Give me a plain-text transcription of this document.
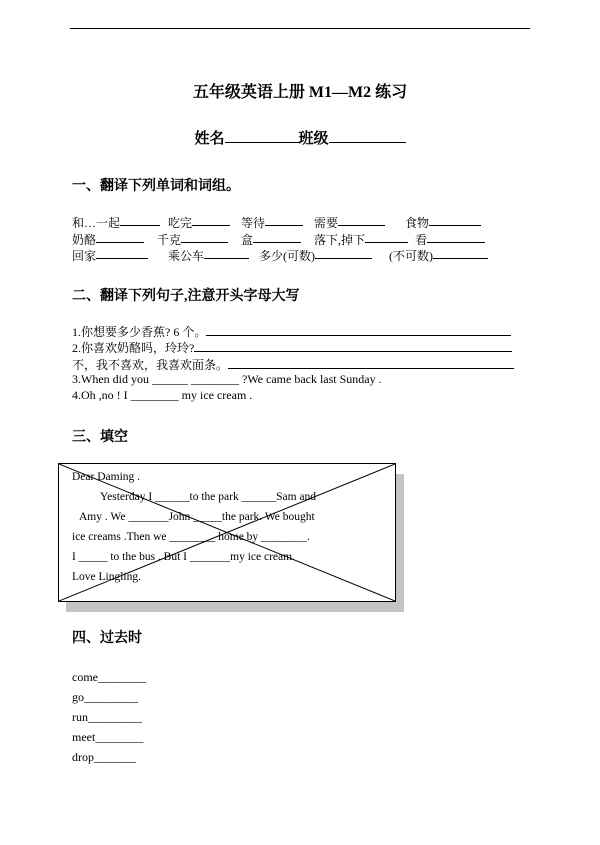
五年级英语上册 M1—M2 练习
姓名	班级
一、翻译下列单词和词组。
和…一起	吃完	等待	需要	食物
奶酪	千克	盒	落下,掉下	看
回家	乘公车	多少(可数)	(不可数)
二、翻译下列句子,注意开头字母大写
1.你想要多少香蕉? 6 个。
2.你喜欢奶酪吗，玲玲?
不，我不喜欢，我喜欢面条。
3.When did you ______ ________ ?We came back last Sunday .
4.Oh ,no ! I ________ my ice cream .
三、填空
Dear Daming .
Yesterday I ______to the park ______Sam and
Amy . We _______John _____the park. We bought
ice creams .Then we ________ home by ________.
I _____ to the bus . But I _______my ice cream.
Love Lingling.
四、过去时
come________
go_________
run_________
meet________
drop_______
